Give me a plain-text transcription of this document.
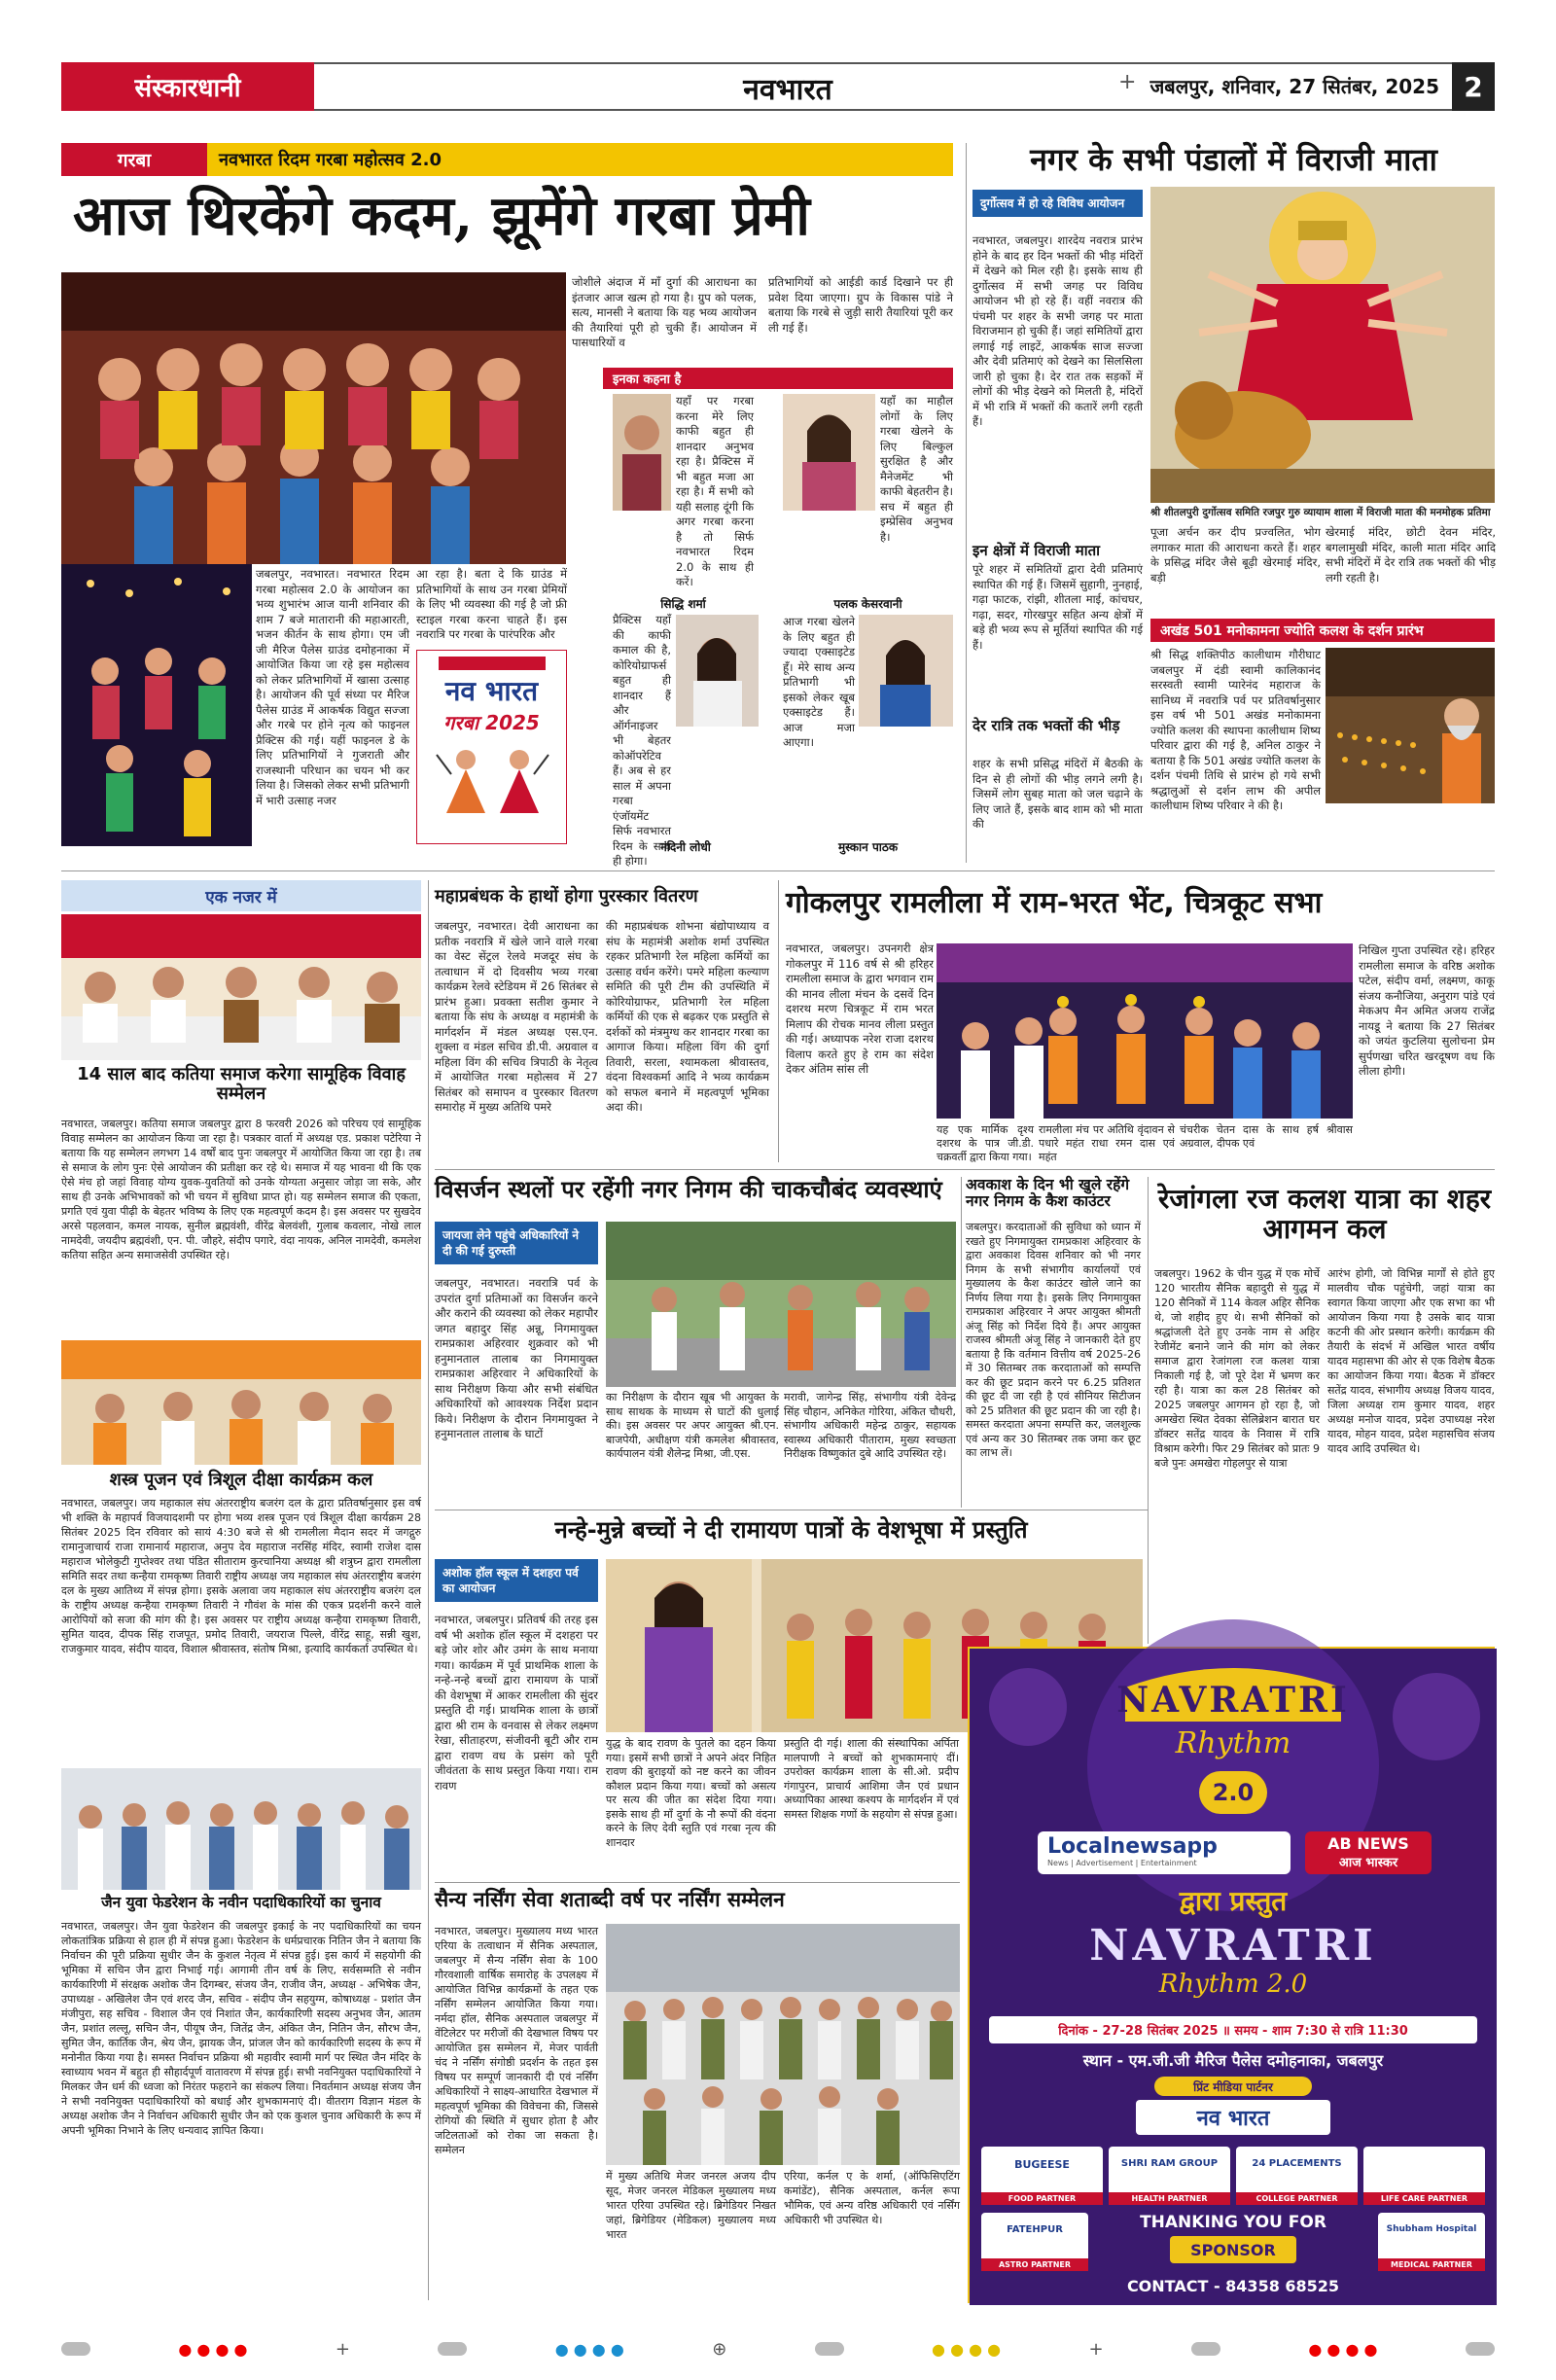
संस्कारधानी	नवभारत	+ जबलपुर, शनिवार, 27 सितंबर, 2025 2
गरबा	नवभारत रिदम गरबा महोत्सव 2.0
आज थिरकेंगे कदम, झूमेंगे गरबा प्रेमी
जबलपुर, नवभारत। नवभारत रिदम गरबा महोत्सव 2.0 के आयोजन का भव्य शुभारंभ आज यानी शनिवार की शाम 7 बजे मातारानी की महाआरती, भजन कीर्तन के साथ होगा। एम जी जी मैरिज पैलेस ग्राउंड दमोहनाका में आयोजित किया जा रहे इस महोत्सव को लेकर प्रतिभागियों में खासा उत्साह है। आयोजन की पूर्व संध्या पर मैरिज पैलेस ग्राउंड में आकर्षक विद्युत सज्जा और गरबे पर होने नृत्य को फाइनल प्रैक्टिस की गई। यहीं फाइनल डे के लिए प्रतिभागियों ने गुजराती और राजस्थानी परिधान का चयन भी कर लिया है। जिसको लेकर सभी प्रतिभागी में भारी उत्साह नजर
आ रहा है। बता दे कि ग्राउंड में प्रतिभागियों के साथ उन गरबा प्रेमियों के लिए भी व्यवस्था की गई है जो फ्री स्टाइल गरबा करना चाहते हैं। इस नवरात्रि पर गरबा के पारंपरिक और
नव भारत
गरबा 2025
जोशीले अंदाज में माँ दुर्गा की आराधना का इंतजार आज खत्म हो गया है। ग्रुप को पलक, सत्य, मानसी ने बताया कि यह भव्य आयोजन की तैयारियां पूरी हो चुकी हैं। आयोजन में पासधारियों व
प्रतिभागियों को आईडी कार्ड दिखाने पर ही प्रवेश दिया जाएगा। ग्रुप के विकास पांडे ने बताया कि गरबे से जुड़ी सारी तैयारियां पूरी कर ली गई हैं।
इनका कहना है
यहाँ पर गरबा करना मेरे लिए काफी बहुत ही शानदार अनुभव रहा है। प्रैक्टिस में भी बहुत मजा आ रहा है। मैं सभी को यही सलाह दूंगी कि अगर गरबा करना है तो सिर्फ नवभारत रिदम 2.0 के साथ ही करें।
सिद्धि शर्मा
यहाँ का माहौल लोगों के लिए गरबा खेलने के लिए बिल्कुल सुरक्षित है और मैनेजमेंट भी काफी बेहतरीन है। सच में बहुत ही इम्प्रेसिव अनुभव है।
पलक केसरवानी
प्रैक्टिस यहाँ की काफी कमाल की है, कोरियोग्राफर्स बहुत ही शानदार हैं और ऑर्गनाइजर भी बेहतर कोऑपरेटिव हैं। अब से हर साल में अपना गरबा एंजॉयमेंट सिर्फ नवभारत रिदम के साथ ही होगा।
नंदिनी लोधी
आज गरबा खेलने के लिए बहुत ही ज्यादा एक्साइटेड हूँ। मेरे साथ अन्य प्रतिभागी भी इसको लेकर खूब एक्साइटेड हैं। आज मजा आएगा।
मुस्कान पाठक
नगर के सभी पंडालों में विराजी माता
दुर्गोत्सव में हो रहे विविध आयोजन
नवभारत, जबलपुर। शारदेय नवरात्र प्रारंभ होने के बाद हर दिन भक्तों की भीड़ मंदिरों में देखने को मिल रही है। इसके साथ ही दुर्गोत्सव में सभी जगह पर विविध आयोजन भी हो रहे हैं। वहीं नवरात्र की पंचमी पर शहर के सभी जगह पर माता विराजमान हो चुकी हैं। जहां समितियों द्वारा लगाई गई लाइटें, आकर्षक साज सज्जा और देवी प्रतिमाएं को देखने का सिलसिला जारी हो चुका है। देर रात तक सड़कों में लोगों की भीड़ देखने को मिलती है, मंदिरों में भी रात्रि में भक्तों की कतारें लगी रहती हैं।
इन क्षेत्रों में विराजी माता
पूरे शहर में समितियों द्वारा देवी प्रतिमाएं स्थापित की गई हैं। जिसमें सुहागी, नुनहाई, गढ़ा फाटक, रांझी, शीतला माई, कांचघर, गढ़ा, सदर, गोरखपुर सहित अन्य क्षेत्रों में बड़े ही भव्य रूप से मूर्तियां स्थापित की गई हैं।
देर रात्रि तक भक्तों की भीड़
शहर के सभी प्रसिद्ध मंदिरों में बैठकी के दिन से ही लोगों की भीड़ लगने लगी है। जिसमें लोग सुबह माता को जल चढ़ाने के लिए जाते हैं, इसके बाद शाम को भी माता की
श्री शीतलपुरी दुर्गोत्सव समिति रजपुर गुरु व्यायाम शाला में विराजी माता की मनमोहक प्रतिमा
पूजा अर्चन कर दीप प्रज्वलित, भोग लगाकर माता की आराधना करते हैं। शहर के प्रसिद्ध मंदिर जैसे बूढ़ी खेरमाई मंदिर, बड़ी
खेरमाई मंदिर, छोटी देवन मंदिर, बगलामुखी मंदिर, काली माता मंदिर आदि सभी मंदिरों में देर रात्रि तक भक्तों की भीड़ लगी रहती है।
अखंड 501 मनोकामना ज्योति कलश के दर्शन प्रारंभ
श्री सिद्ध शक्तिपीठ कालीधाम गौरीघाट जबलपुर में दंडी स्वामी कालिकानंद सरस्वती स्वामी प्यारेनंद महाराज के सानिध्य में नवरात्रि पर्व पर प्रतिवर्षानुसार इस वर्ष भी 501 अखंड मनोकामना ज्योति कलश की स्थापना कालीधाम शिष्य परिवार द्वारा की गई है, अनिल ठाकुर ने बताया है कि 501 अखंड ज्योति कलश के दर्शन पंचमी तिथि से प्रारंभ हो गये सभी श्रद्धालुओं से दर्शन लाभ की अपील कालीधाम शिष्य परिवार ने की है।
एक नजर में
14 साल बाद कतिया समाज करेगा सामूहिक विवाह सम्मेलन
नवभारत, जबलपुर। कतिया समाज जबलपुर द्वारा 8 फरवरी 2026 को परिचय एवं सामूहिक विवाह सम्मेलन का आयोजन किया जा रहा है। पत्रकार वार्ता में अध्यक्ष एड. प्रकाश पटेरिया ने बताया कि यह सम्मेलन लगभग 14 वर्षों बाद पुनः जबलपुर में आयोजित किया जा रहा है। तब से समाज के लोग पुनः ऐसे आयोजन की प्रतीक्षा कर रहे थे। समाज में यह भावना थी कि एक ऐसे मंच हो जहां विवाह योग्य युवक-युवतियों को उनके योग्यता अनुसार जोड़ा जा सके, और साथ ही उनके अभिभावकों को भी चयन में सुविधा प्राप्त हो। यह सम्मेलन समाज की एकता, प्रगति एवं युवा पीढ़ी के बेहतर भविष्य के लिए एक महत्वपूर्ण कदम है। इस अवसर पर सुखदेव अरसे पहलवान, कमल नायक, सुनील ब्रह्मवंशी, वीरेंद्र बेलवंशी, गुलाब कवलार, नोखे लाल नामदेवी, जयदीप ब्रह्मवंशी, एन. पी. जौहरे, संदीप पगारे, वंदा नायक, अनिल नामदेवी, कमलेश कतिया सहित अन्य समाजसेवी उपस्थित रहे।
शस्त्र पूजन एवं त्रिशूल दीक्षा कार्यक्रम कल
नवभारत, जबलपुर। जय महाकाल संघ अंतरराष्ट्रीय बजरंग दल के द्वारा प्रतिवर्षानुसार इस वर्ष भी शक्ति के महापर्व विजयादशमी पर होगा भव्य शस्त्र पूजन एवं त्रिशूल दीक्षा कार्यक्रम 28 सितंबर 2025 दिन रविवार को सायं 4:30 बजे से श्री रामलीला मैदान सदर में जगद्गुरु रामानुजाचार्य राजा रामानार्य महाराज, अनुप देव महाराज नरसिंह मंदिर, स्वामी राजेश दास महाराज भोलेकुटी गुप्तेश्वर तथा पंडित सीताराम कुरचानिया अध्यक्ष श्री शत्रुघ्न द्वारा रामलीला समिति सदर तथा कन्हैया रामकृष्ण तिवारी राष्ट्रीय अध्यक्ष जय महाकाल संघ अंतरराष्ट्रीय बजरंग दल के मुख्य आतिथ्य में संपन्न होगा। इसके अलावा जय महाकाल संघ अंतरराष्ट्रीय बजरंग दल के राष्ट्रीय अध्यक्ष कन्हैया रामकृष्ण तिवारी ने गौवंश के मांस की एकत्र प्रदर्शनी करने वाले आरोपियों को सजा की मांग की है। इस अवसर पर राष्ट्रीय अध्यक्ष कन्हैया रामकृष्ण तिवारी, सुमित यादव, दीपक सिंह राजपूत, प्रमोद तिवारी, जयराज पिल्ले, वीरेंद्र साहू, सन्नी खुश, राजकुमार यादव, संदीप यादव, विशाल श्रीवास्तव, संतोष मिश्रा, इत्यादि कार्यकर्ता उपस्थित थे।
जैन युवा फेडरेशन के नवीन पदाधिकारियों का चुनाव
नवभारत, जबलपुर। जैन युवा फेडरेशन की जबलपुर इकाई के नए पदाधिकारियों का चयन लोकतांत्रिक प्रक्रिया से हाल ही में संपन्न हुआ। फेडरेशन के धर्मप्रचारक नितिन जैन ने बताया कि निर्वाचन की पूरी प्रक्रिया सुधीर जैन के कुशल नेतृत्व में संपन्न हुई। इस कार्य में सहयोगी की भूमिका में सचिन जैन द्वारा निभाई गई। आगामी तीन वर्ष के लिए, सर्वसम्मति से नवीन कार्यकारिणी में संरक्षक अशोक जैन दिगम्बर, संजय जैन, राजीव जैन, अध्यक्ष - अभिषेक जैन, उपाध्यक्ष - अखिलेश जैन एवं शरद जैन, सचिव - संदीप जैन सहयुग्म, कोषाध्यक्ष - प्रशांत जैन मंजीपुरा, सह सचिव - विशाल जैन एवं निशांत जैन, कार्यकारिणी सदस्य अनुभव जैन, आतम जैन, प्रशांत लल्लू, सचिन जैन, पीयूष जैन, जितेंद्र जैन, अंकित जैन, नितिन जैन, सौरभ जैन, सुमित जैन, कार्तिक जैन, श्रेय जैन, झायक जैन, प्रांजल जैन को कार्यकारिणी सदस्य के रूप में मनोनीत किया गया है। समस्त निर्वाचन प्रक्रिया श्री महावीर स्वामी मार्ग पर स्थित जैन मंदिर के स्वाध्याय भवन में बहुत ही सौहार्दपूर्ण वातावरण में संपन्न हुई। सभी नवनियुक्त पदाधिकारियों ने मिलकर जैन धर्म की ध्वजा को निरंतर फहराने का संकल्प लिया। निवर्तमान अध्यक्ष संजय जैन ने सभी नवनियुक्त पदाधिकारियों को बधाई और शुभकामनाएं दी। वीतराग विज्ञान मंडल के अध्यक्ष अशोक जैन ने निर्वाचन अधिकारी सुधीर जैन को एक कुशल चुनाव अधिकारी के रूप में अपनी भूमिका निभाने के लिए धन्यवाद ज्ञापित किया।
महाप्रबंधक के हाथों होगा पुरस्कार वितरण
जबलपुर, नवभारत। देवी आराधना का प्रतीक नवरात्रि में खेले जाने वाले गरबा का वेस्ट सेंट्रल रेलवे मजदूर संघ के तत्वाधान में दो दिवसीय भव्य गरबा कार्यक्रम रेलवे स्टेडियम में 26 सितंबर से प्रारंभ हुआ। प्रवक्ता सतीश कुमार ने बताया कि संघ के अध्यक्ष व महामंत्री के मार्गदर्शन में मंडल अध्यक्ष एस.एन. शुक्ला व मंडल सचिव डी.पी. अग्रवाल व महिला विंग की सचिव त्रिपाठी के नेतृत्व में आयोजित गरबा महोत्सव में 27 सितंबर को समापन व पुरस्कार वितरण समारोह में मुख्य अतिथि पमरे
की महाप्रबंधक शोभना बंद्योपाध्याय व संघ के महामंत्री अशोक शर्मा उपस्थित रहकर प्रतिभागी रेल महिला कर्मियों का उत्साह वर्धन करेंगे। पमरे महिला कल्याण समिति की पूरी टीम की उपस्थिति में कोरियोग्राफर, प्रतिभागी रेल महिला कर्मियों की एक से बढ़कर एक प्रस्तुति से दर्शकों को मंत्रमुग्ध कर शानदार गरबा का आगाज किया। महिला विंग की दुर्गा तिवारी, सरला, श्यामकला श्रीवास्तव, वंदना विश्वकर्मा आदि ने भव्य कार्यक्रम को सफल बनाने में महत्वपूर्ण भूमिका अदा की।
गोकलपुर रामलीला में राम-भरत भेंट, चित्रकूट सभा
नवभारत, जबलपुर। उपनगरी क्षेत्र गोकलपुर में 116 वर्ष से श्री हरिहर रामलीला समाज के द्वारा भगवान राम की मानव लीला मंचन के दसवें दिन दशरथ मरण चित्रकूट में राम भरत मिलाप की रोचक मानव लीला प्रस्तुत की गई। अध्यापक नरेश राजा दशरथ विलाप करते हुए हे राम का संदेश देकर अंतिम सांस ली
यह एक मार्मिक दृश्य दशरथ के पात्र जी.डी. चक्रवर्ती द्वारा किया गया।
रामलीला मंच पर अतिथि वृंदावन से पधारे महंत राधा रमन दास एवं महंत
चंचरीक चेतन दास के साथ हर्ष श्रीवास अग्रवाल, दीपक एवं
निखिल गुप्ता उपस्थित रहे। हरिहर रामलीला समाज के वरिष्ठ अशोक पटेल, संदीप वर्मा, लक्ष्मण, काकू संजय कनौजिया, अनुराग पांडे एवं मेकअप मैन अमित अजय राजेंद्र नायडू ने बताया कि 27 सितंबर को जयंत कुटलिया सुलोचना प्रेम सुर्पणखा चरित खरदूषण वध कि लीला होगी।
विसर्जन स्थलों पर रहेंगी नगर निगम की चाकचौबंद व्यवस्थाएं
जायजा लेने पहुंचे अधिकारियों ने दी की गई दुरुस्ती
जबलपुर, नवभारत। नवरात्रि पर्व के उपरांत दुर्गा प्रतिमाओं का विसर्जन करने और कराने की व्यवस्था को लेकर महापौर जगत बहादुर सिंह अन्नू, निगमायुक्त रामप्रकाश अहिरवार शुक्रवार को भी हनुमानताल तालाब का निगमायुक्त रामप्रकाश अहिरवार ने अधिकारियों के साथ निरीक्षण किया और सभी संबंधित अधिकारियों को आवश्यक निर्देश प्रदान किये। निरीक्षण के दौरान निगमायुक्त ने हनुमानताल तालाब के घाटों
का निरीक्षण के दौरान खूब भी आयुक्त के साथ साथक के माध्यम से घाटों की धुलाई की। इस अवसर पर अपर आयुक्त श्री.एन. बाजपेयी, अधीक्षण यंत्री कमलेश श्रीवास्तव, कार्यपालन यंत्री शैलेन्द्र मिश्रा, जी.एस.
मरावी, जागेन्द्र सिंह, संभागीय यंत्री देवेन्द्र सिंह चौहान, अनिकेत गोरिया, अंकित चौधरी, संभागीय अधिकारी महेन्द्र ठाकुर, सहायक स्वास्थ्य अधिकारी पीताराम, मुख्य स्वच्छता निरीक्षक विष्णुकांत दुबे आदि उपस्थित रहे।
अवकाश के दिन भी खुले रहेंगे नगर निगम के कैश काउंटर
जबलपुर। करदाताओं की सुविधा को ध्यान में रखते हुए निगमायुक्त रामप्रकाश अहिरवार के द्वारा अवकाश दिवस शनिवार को भी नगर निगम के सभी संभागीय कार्यालयों एवं मुख्यालय के कैश काउंटर खोले जाने का निर्णय लिया गया है। इसके लिए निगमायुक्त रामप्रकाश अहिरवार ने अपर आयुक्त श्रीमती अंजू सिंह को निर्देश दिये हैं। अपर आयुक्त राजस्व श्रीमती अंजू सिंह ने जानकारी देते हुए बताया है कि वर्तमान वित्तीय वर्ष 2025-26 में 30 सितम्बर तक करदाताओं को सम्पत्ति कर की छूट प्रदान करने पर 6.25 प्रतिशत की छूट दी जा रही है एवं सीनियर सिटीजन को 25 प्रतिशत की छूट प्रदान की जा रही है। समस्त करदाता अपना सम्पत्ति कर, जलशुल्क एवं अन्य कर 30 सितम्बर तक जमा कर छूट का लाभ लें।
रेजांगला रज कलश यात्रा का शहर आगमन कल
जबलपुर। 1962 के चीन युद्ध में एक मोर्चे 120 भारतीय सैनिक बहादुरी से युद्ध में 120 सैनिकों में 114 केवल अहिर सैनिक थे, जो शहीद हुए थे। सभी सैनिकों को श्रद्धांजली देते हुए उनके नाम से अहिर रेजीमेंट बनाने जाने की मांग को लेकर समाज द्वारा रेजांगला रज कलश यात्रा निकाली गई है, जो पूरे देश में भ्रमण कर रही है। यात्रा का कल 28 सितंबर को 2025 जबलपुर आगमन हो रहा है, जो अमखेरा स्थित देवका सेलिब्रेशन बारात घर डॉक्टर सतेंद्र यादव के निवास में रात्रि विश्राम करेगी। फिर 29 सितंबर को प्रातः 9 बजे पुनः अमखेरा गोहलपुर से यात्रा
आरंभ होगी, जो विभिन्न मार्गों से होते हुए मालवीय चौक पहुंचेगी, जहां यात्रा का स्वागत किया जाएगा और एक सभा का भी आयोजन किया गया है उसके बाद यात्रा कटनी की ओर प्रस्थान करेगी। कार्यक्रम की तैयारी के संदर्भ में अखिल भारत वर्षीय यादव महासभा की ओर से एक विशेष बैठक का आयोजन किया गया। बैठक में डॉक्टर सतेंद्र यादव, संभागीय अध्यक्ष विजय यादव, जिला अध्यक्ष राम कुमार यादव, शहर अध्यक्ष मनोज यादव, प्रदेश उपाध्यक्ष नरेश यादव, मोहन यादव, प्रदेश महासचिव संजय यादव आदि उपस्थित थे।
नन्हे-मुन्ने बच्चों ने दी रामायण पात्रों के वेशभूषा में प्रस्तुति
अशोक हॉल स्कूल में दशहरा पर्व का आयोजन
नवभारत, जबलपुर। प्रतिवर्ष की तरह इस वर्ष भी अशोक हॉल स्कूल में दशहरा पर बड़े जोर शोर और उमंग के साथ मनाया गया। कार्यक्रम में पूर्व प्राथमिक शाला के नन्हे-नन्हे बच्चों द्वारा रामायण के पात्रों की वेशभूषा में आकर रामलीला की सुंदर प्रस्तुति दी गई। प्राथमिक शाला के छात्रों द्वारा श्री राम के वनवास से लेकर लक्ष्मण रेखा, सीताहरण, संजीवनी बूटी और राम द्वारा रावण वध के प्रसंग को पूरी जीवंतता के साथ प्रस्तुत किया गया। राम रावण
युद्ध के बाद रावण के पुतले का दहन किया गया। इसमें सभी छात्रों ने अपने अंदर निहित रावण की बुराइयों को नष्ट करने का जीवन कौशल प्रदान किया गया। बच्चों को असत्य पर सत्य की जीत का संदेश दिया गया। इसके साथ ही माँ दुर्गा के नौ रूपों की वंदना करने के लिए देवी स्तुति एवं गरबा नृत्य की शानदार
प्रस्तुति दी गई। शाला की संस्थापिका अर्पिता मालपाणी ने बच्चों को शुभकामनाएं दीं। उपरोक्त कार्यक्रम शाला के सी.ओ. प्रदीप गंगापुरन, प्राचार्य आशिमा जैन एवं प्रधान अध्यापिका आस्था कश्यप के मार्गदर्शन में एवं समस्त शिक्षक गणों के सहयोग से संपन्न हुआ।
सैन्य नर्सिंग सेवा शताब्दी वर्ष पर नर्सिंग सम्मेलन
नवभारत, जबलपुर। मुख्यालय मध्य भारत एरिया के तत्वाधान में सैनिक अस्पताल, जबलपुर में सैन्य नर्सिंग सेवा के 100 गौरवशाली वार्षिक समारोह के उपलक्ष्य में आयोजित विभिन्न कार्यक्रमों के तहत एक नर्सिंग सम्मेलन आयोजित किया गया। नर्मदा हॉल, सैनिक अस्पताल जबलपुर में वेंटिलेटर पर मरीजों की देखभाल विषय पर आयोजित इस सम्मेलन में, मेजर पार्वती चंद ने नर्सिंग संगोष्ठी प्रदर्शन के तहत इस विषय पर सम्पूर्ण जानकारी दी एवं नर्सिंग अधिकारियों ने साक्ष्य-आधारित देखभाल में महत्वपूर्ण भूमिका की विवेचना की, जिससे रोगियों की स्थिति में सुधार होता है और जटिलताओं को रोका जा सकता है। सम्मेलन
में मुख्य अतिथि मेजर जनरल अजय दीप सूद, मेजर जनरल मेडिकल मुख्यालय मध्य भारत एरिया उपस्थित रहे। ब्रिगेडियर निखत जहां, ब्रिगेडियर (मेडिकल) मुख्यालय मध्य भारत
एरिया, कर्नल ए के शर्मा, (ऑफिसिएटिंग कमांडेंट), सैनिक अस्पताल, कर्नल रूपा भौमिक, एवं अन्य वरिष्ठ अधिकारी एवं नर्सिंग अधिकारी भी उपस्थित थे।
NAVRATRI
Rhythm
2.0
Localnewsapp
News | Advertisement | Entertainment
AB NEWS
आज भास्कर
द्वारा प्रस्तुत
NAVRATRI
Rhythm 2.0
दिनांक - 27-28 सितंबर 2025 ॥ समय - शाम 7:30 से रात्रि 11:30
स्थान - एम.जी.जी मैरिज पैलेस दमोहनाका, जबलपुर
प्रिंट मीडिया पार्टनर
नव भारत
BUGEESE
FOOD PARTNER
SHRI RAM GROUP
HEALTH PARTNER
24 PLACEMENTS
COLLEGE PARTNER	LIFE CARE PARTNER
FATEHPUR
ASTRO PARTNER
THANKING YOU FOR
SPONSOR
Shubham Hospital
MEDICAL PARTNER
CONTACT - 84358 68525
● ● ● ●	+	● ● ● ●	⊕	● ● ● ●	+	● ● ● ●
